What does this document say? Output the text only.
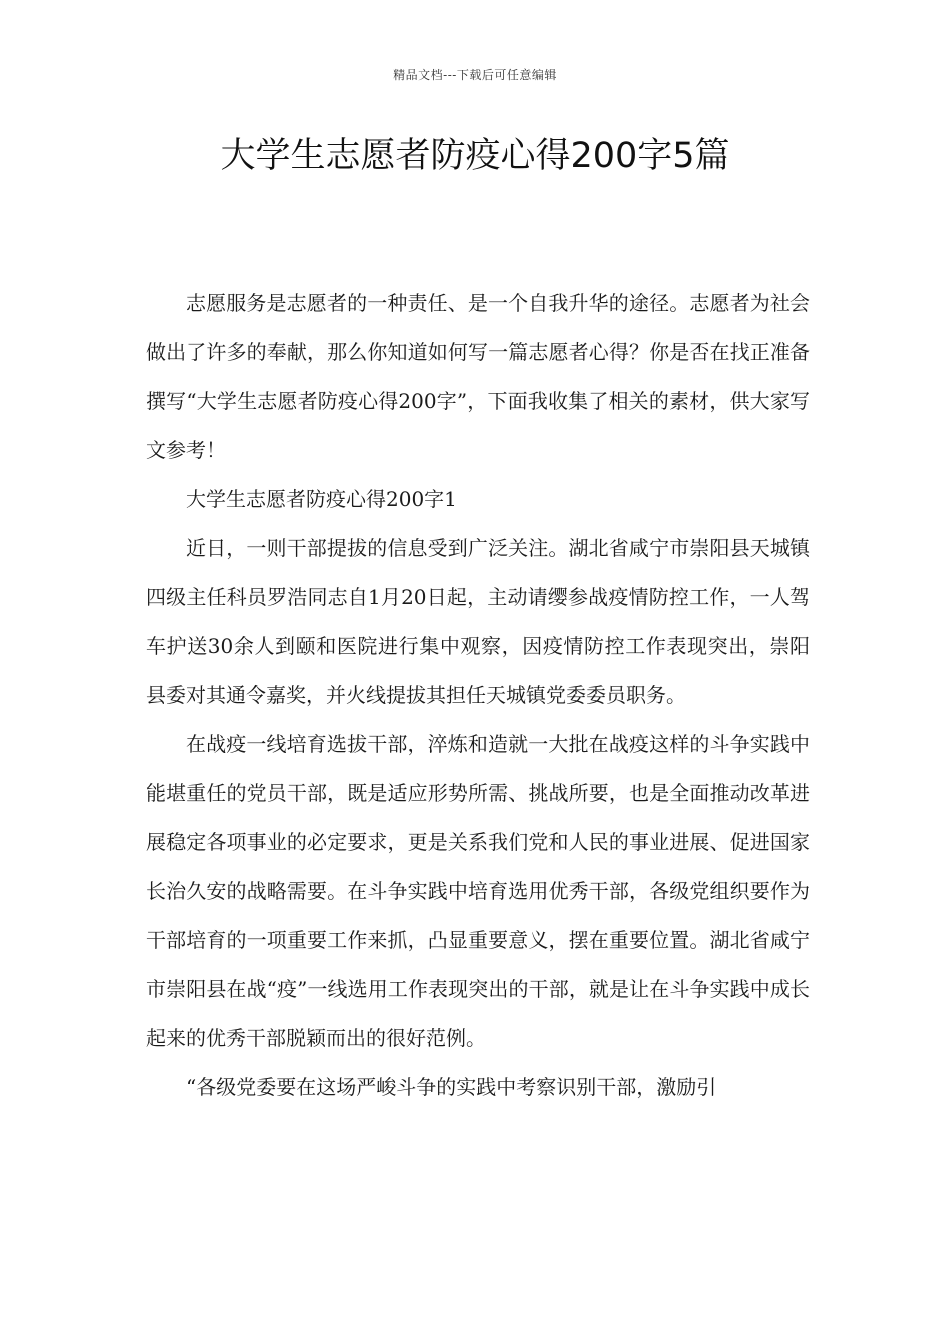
精品文档---下载后可任意编辑
大学生志愿者防疫心得200字5篇

志愿服务是志愿者的一种责任、是一个自我升华的途径。志愿者为社会做出了许多的奉献，那么你知道如何写一篇志愿者心得？你是否在找正准备撰写“大学生志愿者防疫心得200字”，下面我收集了相关的素材，供大家写文参考！

大学生志愿者防疫心得200字1

近日，一则干部提拔的信息受到广泛关注。湖北省咸宁市崇阳县天城镇四级主任科员罗浩同志自1月20日起，主动请缨参战疫情防控工作，一人驾车护送30余人到颐和医院进行集中观察，因疫情防控工作表现突出，崇阳县委对其通令嘉奖，并火线提拔其担任天城镇党委委员职务。

在战疫一线培育选拔干部，淬炼和造就一大批在战疫这样的斗争实践中能堪重任的党员干部，既是适应形势所需、挑战所要，也是全面推动改革进展稳定各项事业的必定要求，更是关系我们党和人民的事业进展、促进国家长治久安的战略需要。在斗争实践中培育选用优秀干部，各级党组织要作为干部培育的一项重要工作来抓，凸显重要意义，摆在重要位置。湖北省咸宁市崇阳县在战“疫”一线选用工作表现突出的干部，就是让在斗争实践中成长起来的优秀干部脱颖而出的很好范例。

“各级党委要在这场严峻斗争的实践中考察识别干部，激励引
